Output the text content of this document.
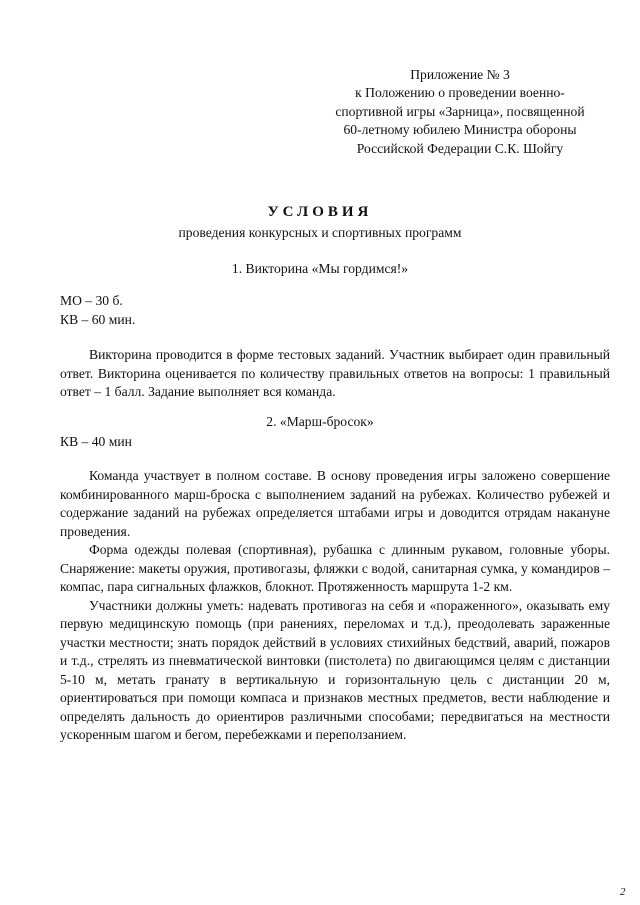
Приложение № 3
к Положению о проведении военно-
спортивной игры «Зарница», посвященной
60-летному юбилею Министра обороны
Российской Федерации С.К. Шойгу
УСЛОВИЯ
проведения конкурсных и спортивных программ
1. Викторина «Мы гордимся!»
МО – 30 б.
КВ – 60 мин.

Викторина проводится в форме тестовых заданий. Участник выбирает один правильный ответ. Викторина оценивается по количеству правильных ответов на вопросы: 1 правильный ответ – 1 балл. Задание выполняет вся команда.

2. «Марш-бросок»
КВ – 40 мин

Команда участвует в полном составе. В основу проведения игры заложено совершение комбинированного марш-броска с выполнением заданий на рубежах. Количество рубежей и содержание заданий на рубежах определяется штабами игры и доводится отрядам накануне проведения.

Форма одежды полевая (спортивная), рубашка с длинным рукавом, головные уборы. Снаряжение: макеты оружия, противогазы, фляжки с водой, санитарная сумка, у командиров – компас, пара сигнальных флажков, блокнот. Протяженность маршрута 1-2 км.

Участники должны уметь: надевать противогаз на себя и «пораженного», оказывать ему первую медицинскую помощь (при ранениях, переломах и т.д.), преодолевать зараженные участки местности; знать порядок действий в условиях стихийных бедствий, аварий, пожаров и т.д., стрелять из пневматической винтовки (пистолета) по двигающимся целям с дистанции 5-10 м, метать гранату в вертикальную и горизонтальную цель с дистанции 20 м, ориентироваться при помощи компаса и признаков местных предметов, вести наблюдение и определять дальность до ориентиров различными способами; передвигаться на местности ускоренным шагом и бегом, перебежками и переползанием.

2
